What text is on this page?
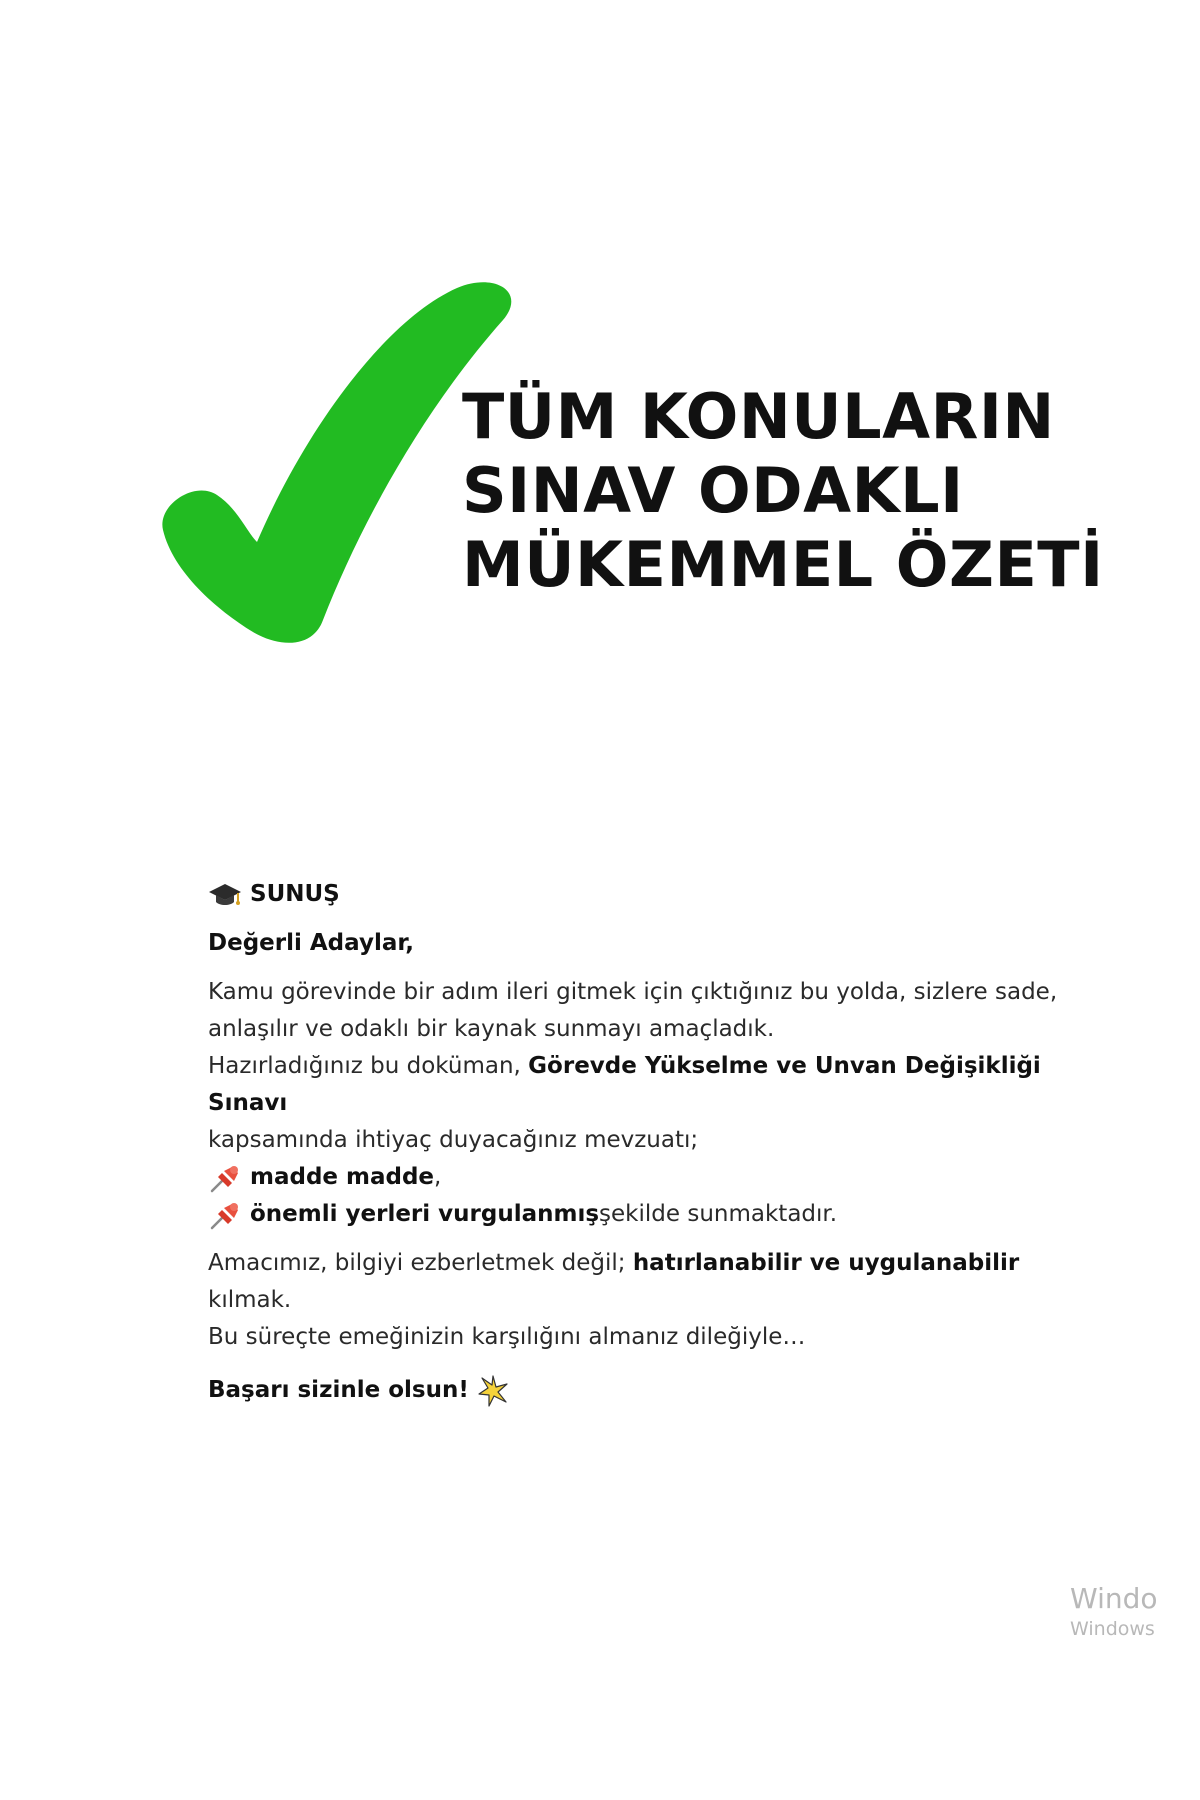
TÜM KONULARIN
SINAV ODAKLI
MÜKEMMEL ÖZETİ

SUNUŞ

Değerli Adaylar,

Kamu görevinde bir adım ileri gitmek için çıktığınız bu yolda, sizlere sade,

anlaşılır ve odaklı bir kaynak sunmayı amaçladık.

Hazırladığınız bu doküman, Görevde Yükselme ve Unvan Değişikliği Sınavı

kapsamında ihtiyaç duyacağınız mevzuatı;

madde madde ,

önemli yerleri vurgulanmış şekilde sunmaktadır.

Amacımız, bilgiyi ezberletmek değil; hatırlanabilir ve uygulanabilir kılmak.

Bu süreçte emeğinizin karşılığını almanız dileğiyle…

Başarı sizinle olsun!

Windo
Windows
